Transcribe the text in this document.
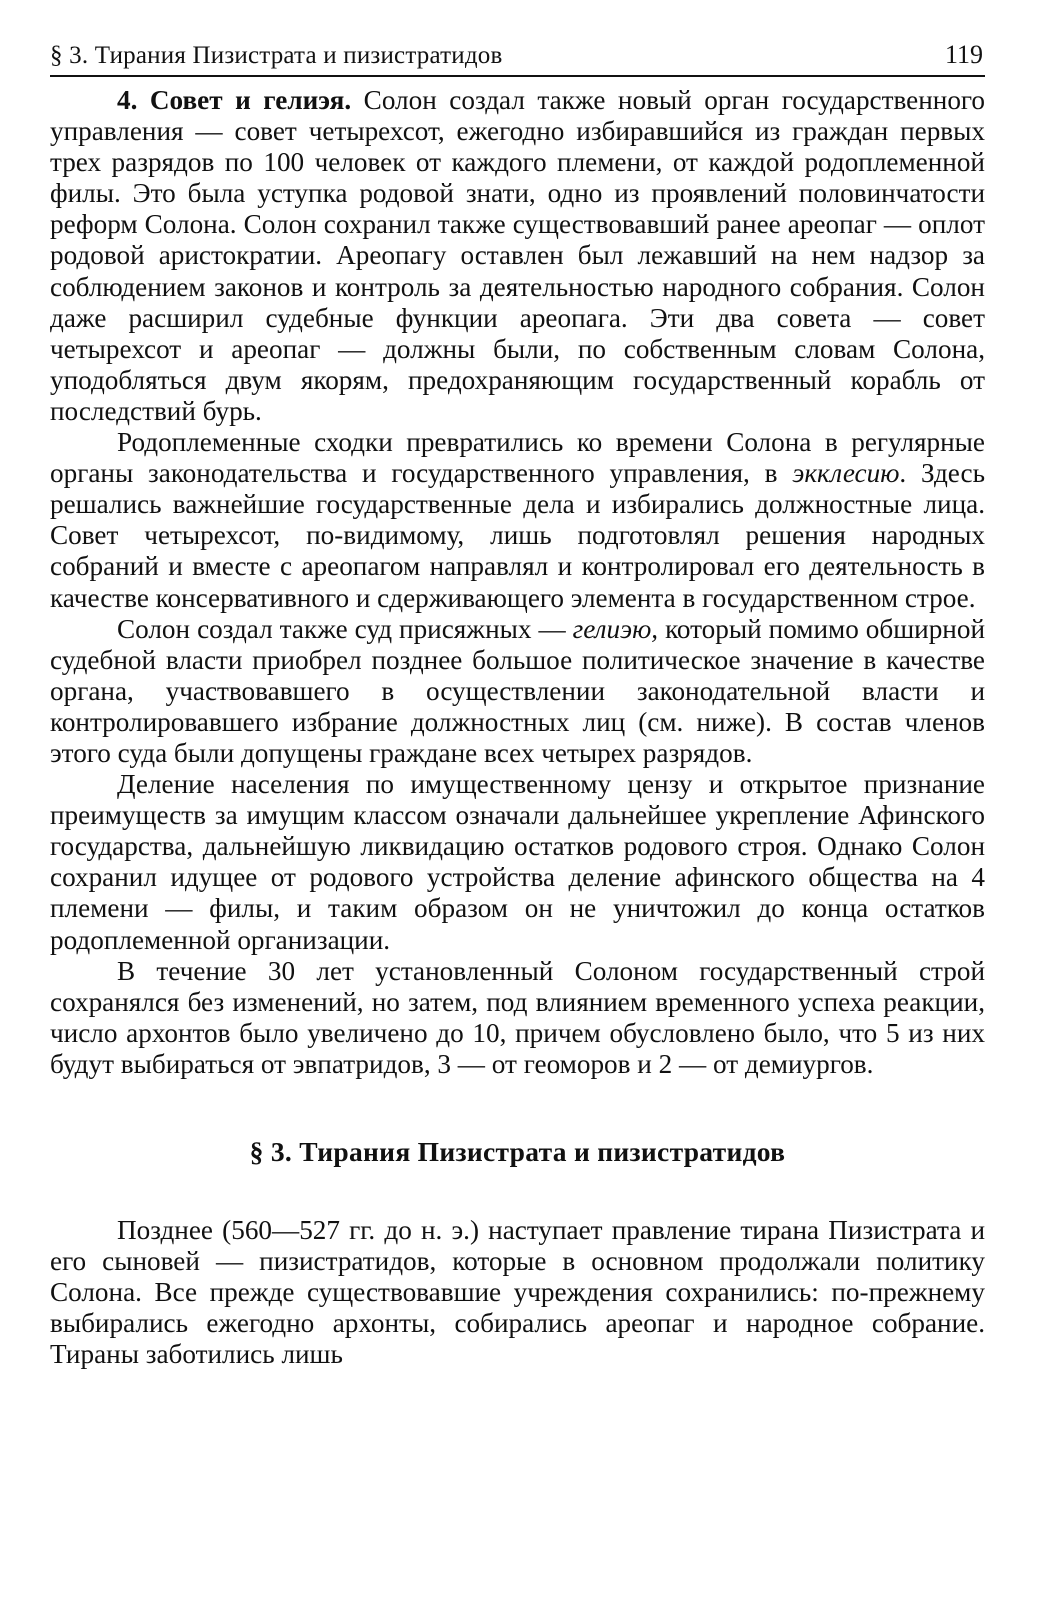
§ 3. Тирания Пизистрата и пизистратидов	119

4. Совет и гелиэя. Солон создал также новый орган государственного управления — совет четырехсот, ежегодно избиравшийся из граждан первых трех разрядов по 100 человек от каждого племени, от каждой родоплеменной филы. Это была уступка родовой знати, одно из проявлений половинчатости реформ Солона. Солон сохранил также существовавший ранее ареопаг — оплот родовой аристократии. Ареопагу оставлен был лежавший на нем надзор за соблюдением законов и контроль за деятельностью народного собрания. Солон даже расширил судебные функции ареопага. Эти два совета — совет четырехсот и ареопаг — должны были, по собственным словам Солона, уподобляться двум якорям, предохраняющим государственный корабль от последствий бурь.

Родоплеменные сходки превратились ко времени Солона в регулярные органы законодательства и государственного управления, в экклесию. Здесь решались важнейшие государственные дела и избирались должностные лица. Совет четырехсот, по-видимому, лишь подготовлял решения народных собраний и вместе с ареопагом направлял и контролировал его деятельность в качестве консервативного и сдерживающего элемента в государственном строе.

Солон создал также суд присяжных — гелиэю, который помимо обширной судебной власти приобрел позднее большое политическое значение в качестве органа, участвовавшего в осуществлении законодательной власти и контролировавшего избрание должностных лиц (см. ниже). В состав членов этого суда были допущены граждане всех четырех разрядов.

Деление населения по имущественному цензу и открытое признание преимуществ за имущим классом означали дальнейшее укрепление Афинского государства, дальнейшую ликвидацию остатков родового строя. Однако Солон сохранил идущее от родового устройства деление афинского общества на 4 племени — филы, и таким образом он не уничтожил до конца остатков родоплеменной организации.

В течение 30 лет установленный Солоном государственный строй сохранялся без изменений, но затем, под влиянием временного успеха реакции, число архонтов было увеличено до 10, причем обусловлено было, что 5 из них будут выбираться от эвпатридов, 3 — от геоморов и 2 — от демиургов.

§ 3. Тирания Пизистрата и пизистратидов

Позднее (560—527 гг. до н. э.) наступает правление тирана Пизистрата и его сыновей — пизистратидов, которые в основном продолжали политику Солона. Все прежде существовавшие учреждения сохранились: по-прежнему выбирались ежегодно архонты, собирались ареопаг и народное собрание. Тираны заботились лишь
